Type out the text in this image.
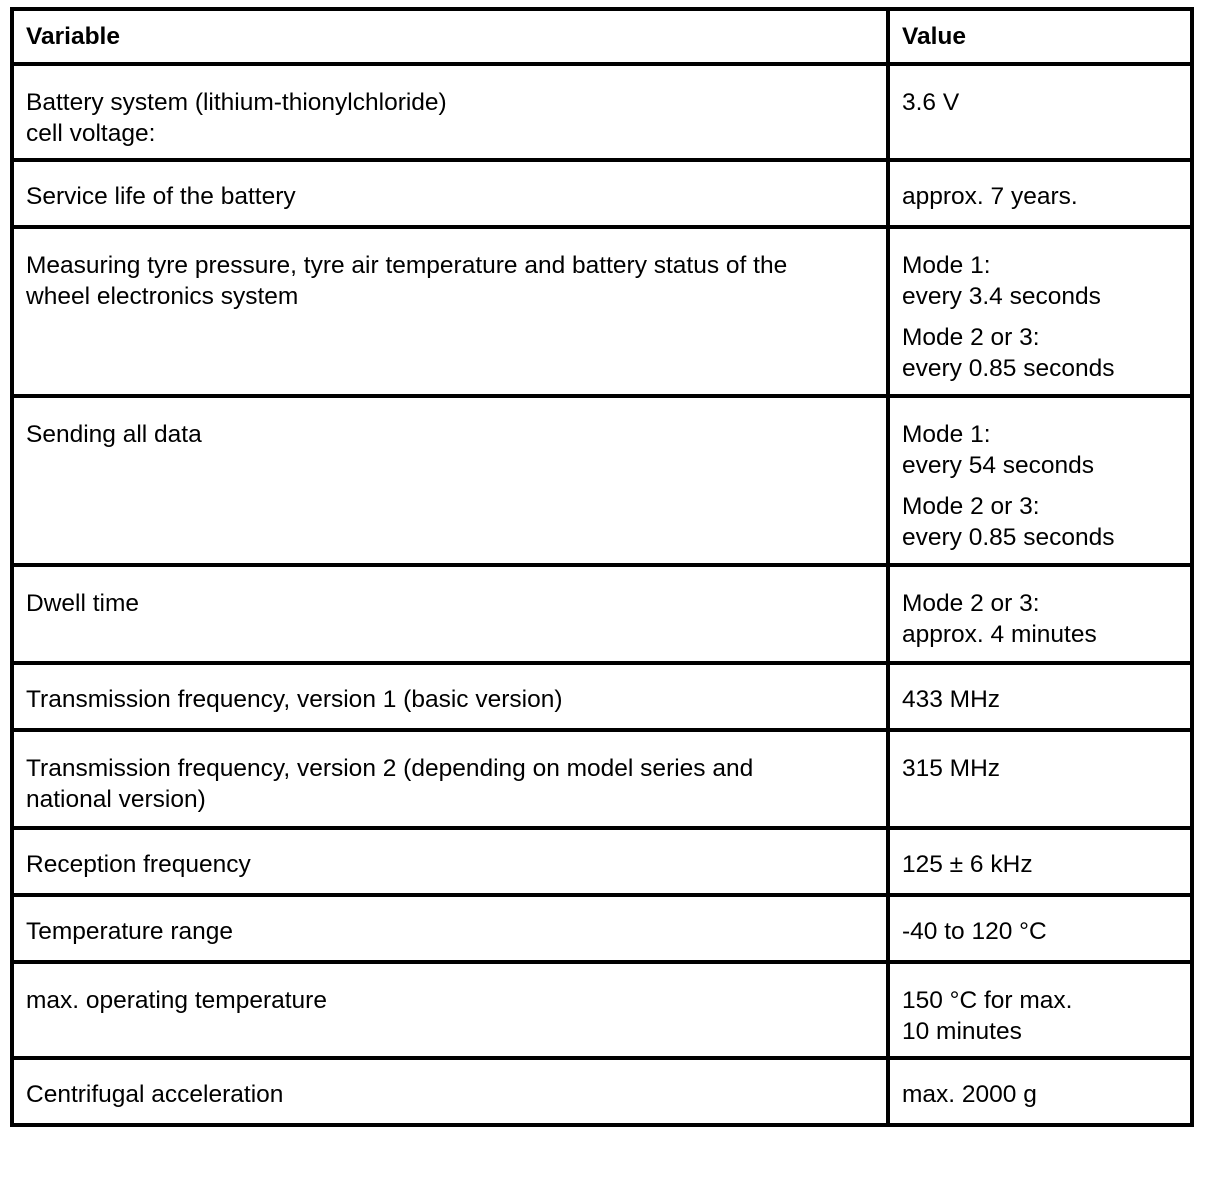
Variable	Value

Battery system (lithium-thionylchloride)
cell voltage:	3.6 V

Service life of the battery	approx. 7 years.

Measuring tyre pressure, tyre air temperature and battery status of the
wheel electronics system	Mode 1:
every 3.4 seconds
Mode 2 or 3:
every 0.85 seconds

Sending all data	Mode 1:
every 54 seconds
Mode 2 or 3:
every 0.85 seconds

Dwell time	Mode 2 or 3:
approx. 4 minutes

Transmission frequency, version 1 (basic version)	433 MHz

Transmission frequency, version 2 (depending on model series and
national version)	315 MHz

Reception frequency	125 ± 6 kHz

Temperature range	-40 to 120 °C

max. operating temperature	150 °C for max.
10 minutes

Centrifugal acceleration	max. 2000 g
